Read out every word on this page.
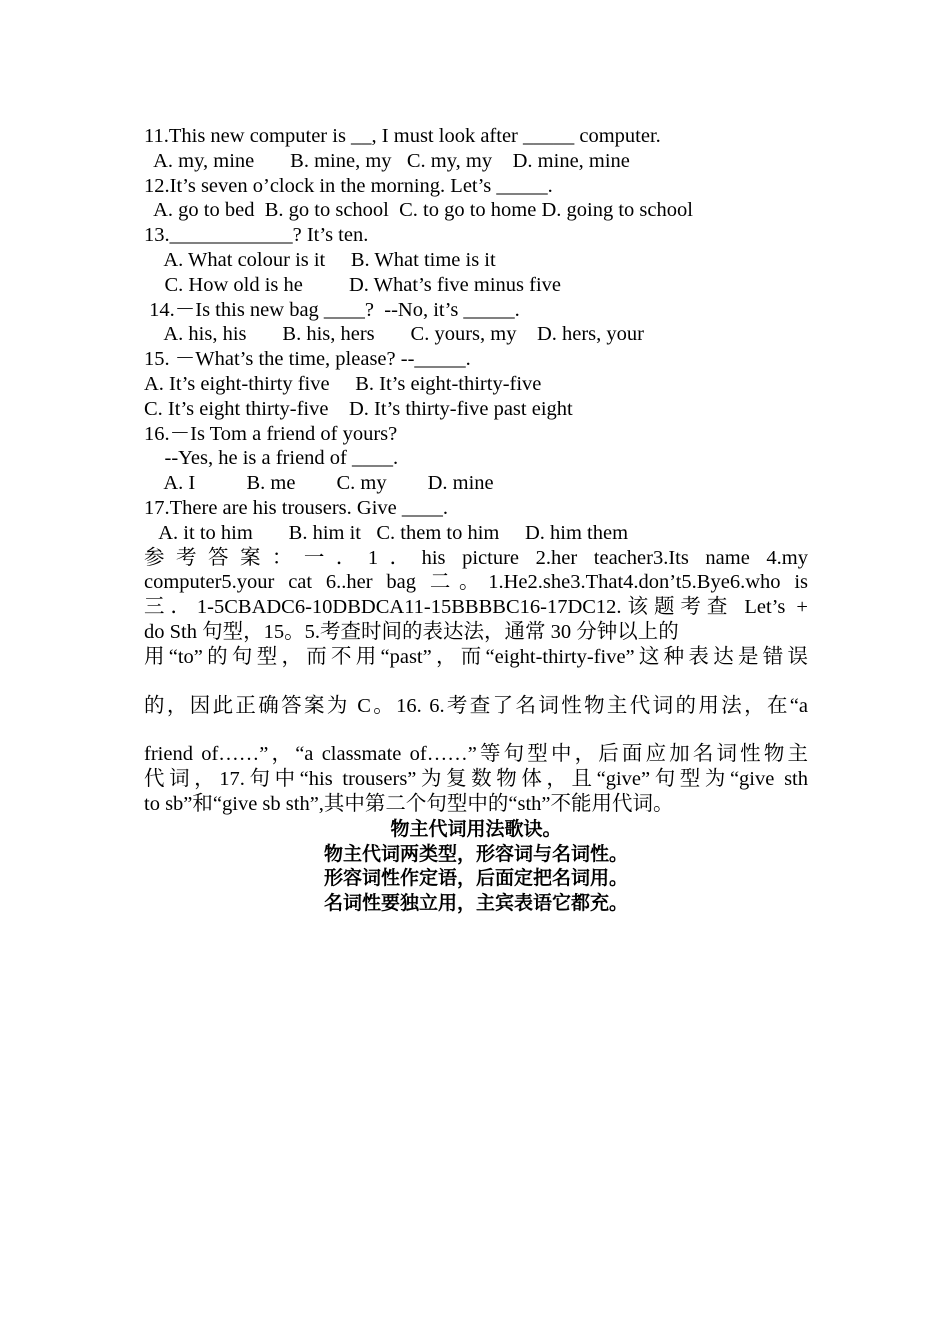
11.This new computer is __, I must look after _____ computer.
A. my, mine       B. mine, my   C. my, my    D. mine, mine
12.It’s seven o’clock in the morning. Let’s _____.
A. go to bed  B. go to school  C. to go to home D. going to school
13.____________? It’s ten.
A. What colour is it     B. What time is it
C. How old is he         D. What’s five minus five
14.－Is this new bag ____?  --No, it’s _____.
A. his, his       B. his, hers       C. yours, my    D. hers, your
15. －What’s the time, please? --_____.
A. It’s eight-thirty five     B. It’s eight-thirty-five
C. It’s eight thirty-five    D. It’s thirty-five past eight
16.－Is Tom a friend of yours?
--Yes, he is a friend of ____.
A. I          B. me        C. my        D. mine
17.There are his trousers. Give ____.
A. it to him       B. him it   C. them to him     D. him them
参考答案：一．1．his picture 2.her teacher3.Its name 4.my
computer5.your cat 6..her bag 二。1.He2.she3.That4.don’t5.Bye6.who is
三．1-5CBADC6-10DBDCA11-15BBBBC16-17DC12.该题考查 Let’s +
do Sth 句型，15。5.考查时间的表达法，通常 30 分钟以上的
用“to”的句型，而不用“past”，而“eight-thirty-five”这种表达是错误
的，因此正确答案为 C。16. 6.考查了名词性物主代词的用法，在“a
friend of……”，“a classmate of……”等句型中，后面应加名词性物主
代词，17.句中“his trousers”为复数物体，且“give”句型为“give sth
to sb”和“give sb sth”,其中第二个句型中的“sth”不能用代词。
物主代词用法歌诀。
物主代词两类型，形容词与名词性。
形容词性作定语，后面定把名词用。
名词性要独立用，主宾表语它都充。
